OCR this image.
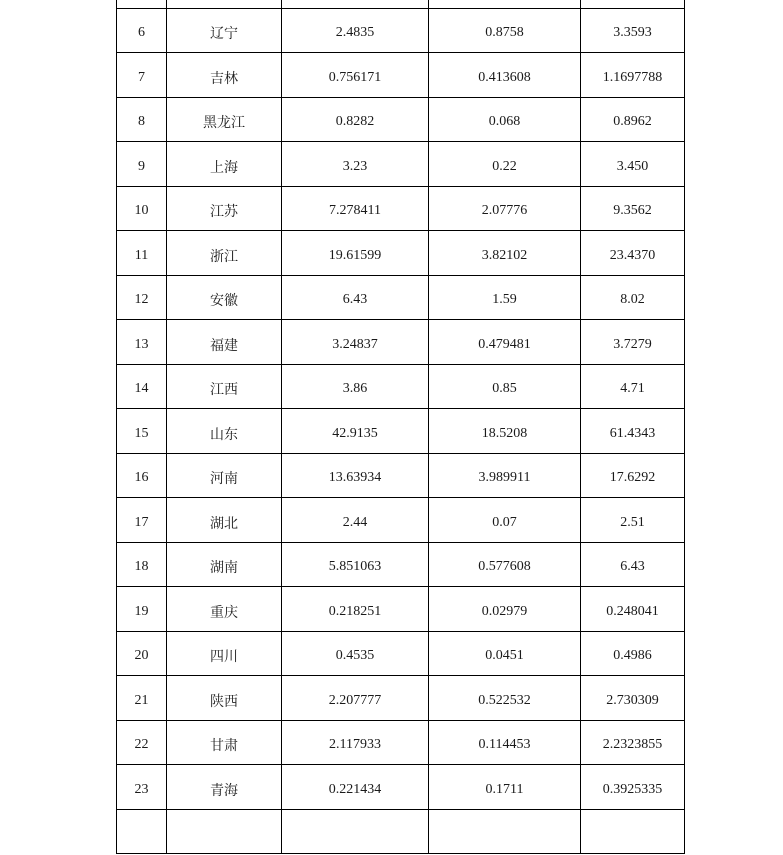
6	辽宁	2.4835	0.8758	3.3593
7	吉林	0.756171	0.413608	1.1697788
8	黑龙江	0.8282	0.068	0.8962
9	上海	3.23	0.22	3.450
10	江苏	7.278411	2.07776	9.3562
11	浙江	19.61599	3.82102	23.4370
12	安徽	6.43	1.59	8.02
13	福建	3.24837	0.479481	3.7279
14	江西	3.86	0.85	4.71
15	山东	42.9135	18.5208	61.4343
16	河南	13.63934	3.989911	17.6292
17	湖北	2.44	0.07	2.51
18	湖南	5.851063	0.577608	6.43
19	重庆	0.218251	0.02979	0.248041
20	四川	0.4535	0.0451	0.4986
21	陕西	2.207777	0.522532	2.730309
22	甘肃	2.117933	0.114453	2.2323855
23	青海	0.221434	0.1711	0.3925335
